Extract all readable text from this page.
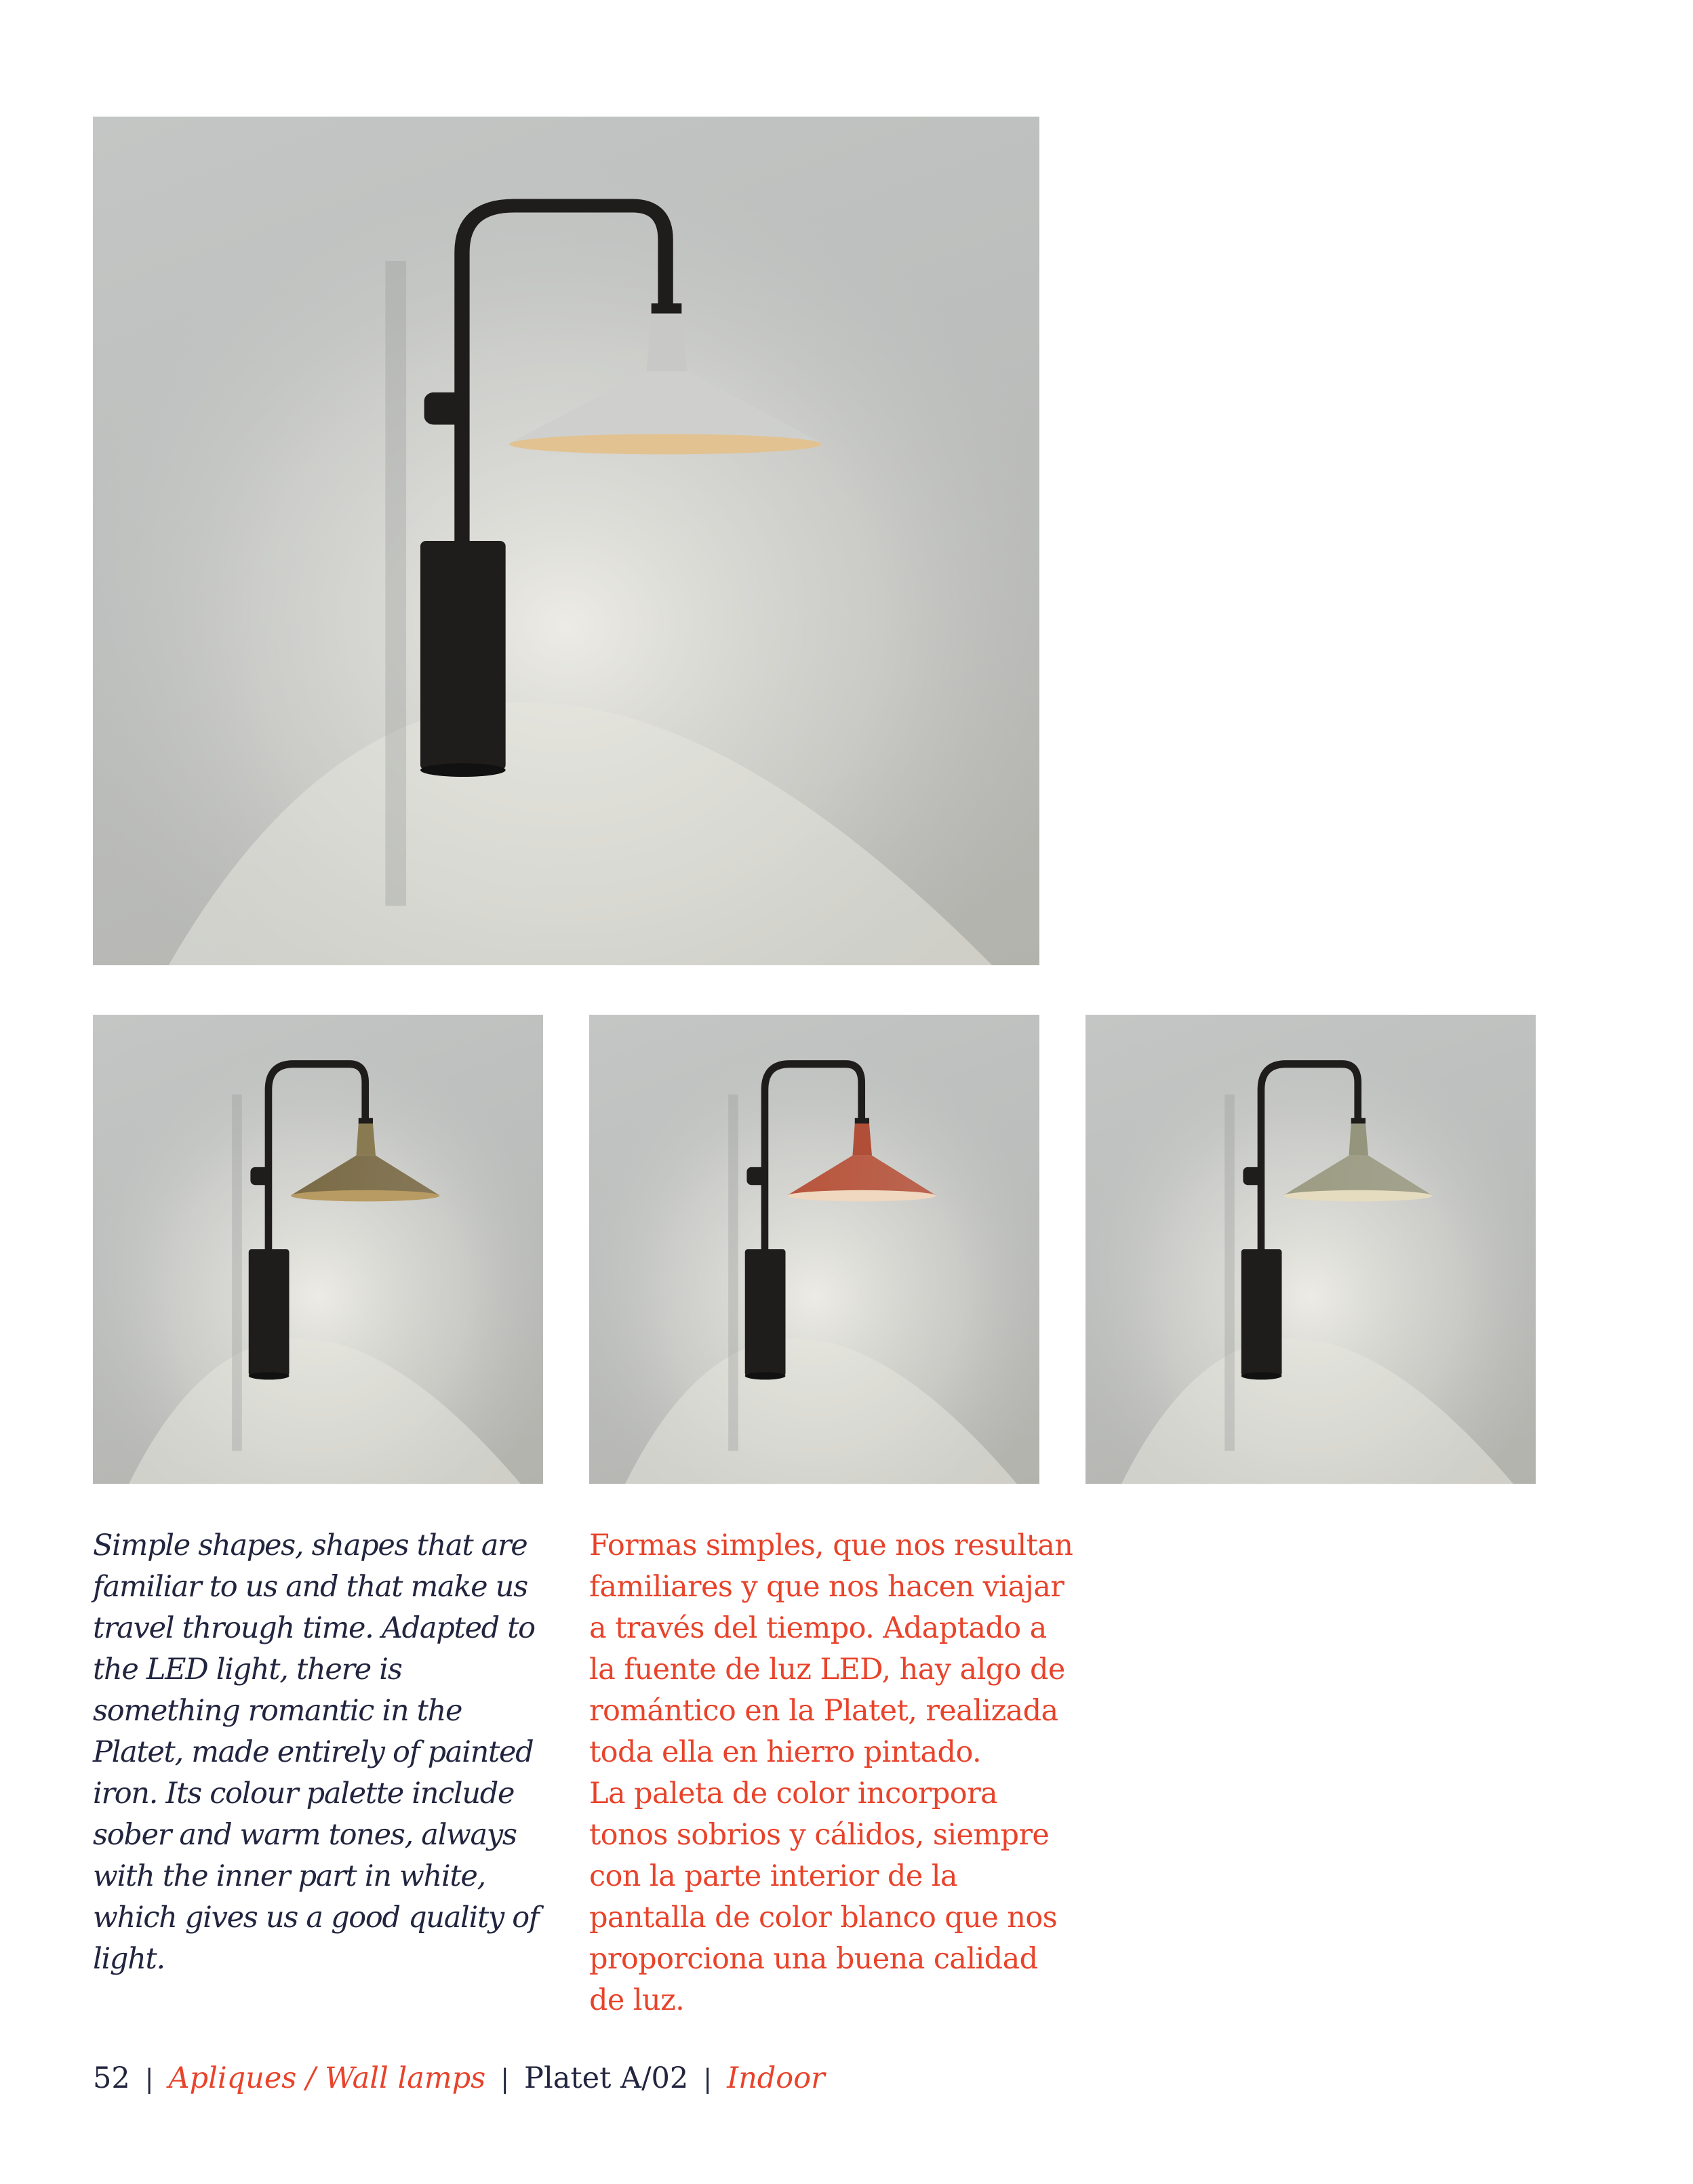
Simple shapes, shapes that are familiar to us and that make us travel through time. Adapted to the LED light, there is something romantic in the Platet, made entirely of painted iron. Its colour palette include sober and warm tones, always with the inner part in white, which gives us a good quality of light.

Formas simples, que nos resultan familiares y que nos hacen viajar a través del tiempo. Adaptado a la fuente de luz LED, hay algo de romántico en la Platet, realizada toda ella en hierro pintado.

La paleta de color incorpora tonos sobrios y cálidos, siempre con la parte interior de la pantalla de color blanco que nos proporciona una buena calidad de luz.

52 | Apliques / Wall lamps | Platet A/02 | Indoor
